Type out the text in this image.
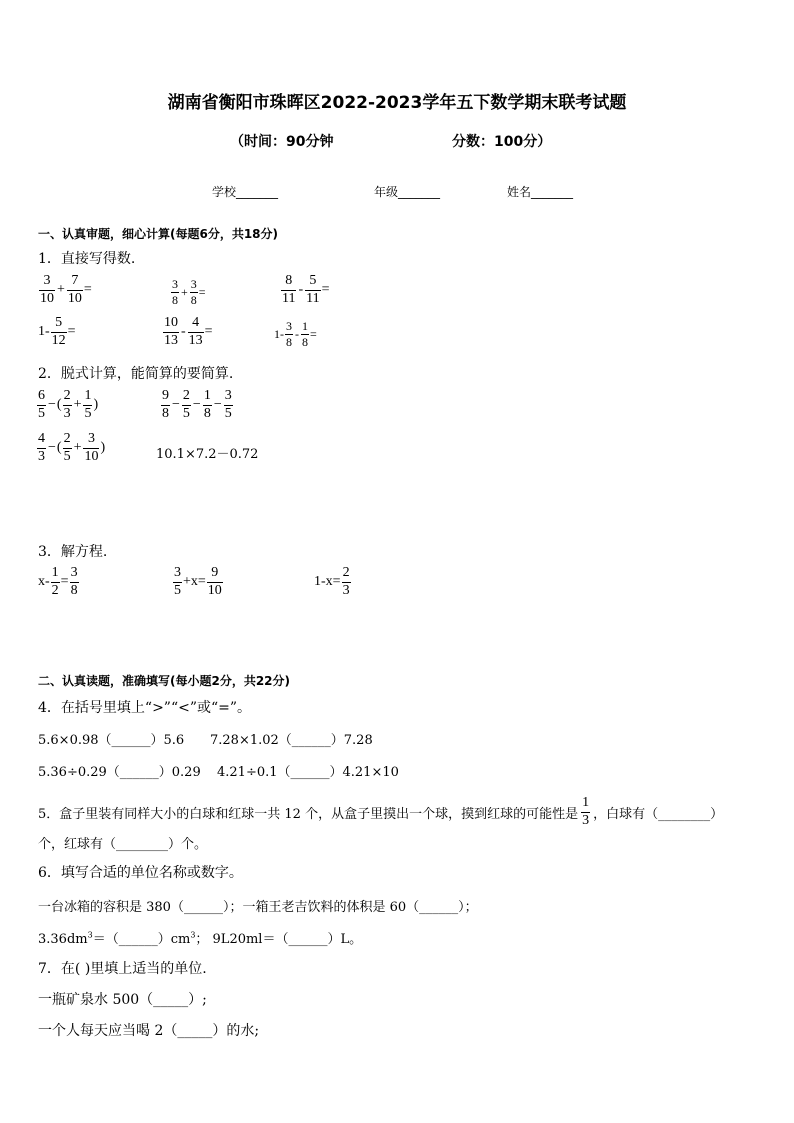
湖南省衡阳市珠晖区2022-2023学年五下数学期末联考试题
（时间：90分钟	分数：100分）
学校_______	年级_______	姓名_______
一、认真审题，细心计算(每题6分，共18分)
1．直接写得数.
$\frac{3}{10} + \frac{7}{10}$ =	$\frac{3}{8} + \frac{3}{8}$ =	$\frac{8}{11} - \frac{5}{11}$ =
$1- \frac{5}{12}$ =	$\frac{10}{13} - \frac{4}{13}$ =	$1- \frac{3}{8} - \frac{1}{8}$ =
2．脱式计算，能简算的要简算.
$\frac{6}{5}$ − ( $\frac{2}{3} + \frac{1}{5}$ )	$\frac{9}{8} - \frac{2}{5} - \frac{1}{8} - \frac{3}{5}$
$\frac{4}{3}$ − ( $\frac{2}{5} + \frac{3}{10}$ )	10.1×7.2－0.72
3．解方程.
$x- \frac{1}{2} = \frac{3}{8}$	$\frac{3}{5} +x= \frac{9}{10}$	$1-x= \frac{2}{3}$
二、认真读题，准确填写(每小题2分，共22分)
4．在括号里填上“>”“<”或“=”。
5.6×0.98（______）5.6 7.28×1.02（______）7.28
5.36÷0.29（______）0.29 4.21÷0.1（______）4.21×10
5．盒子里装有同样大小的白球和红球一共 12 个，从盒子里摸出一个球，摸到红球的可能性是 $\frac{1}{3}$ ，白球有（________）
个，红球有（________）个。
6．填写合适的单位名称或数字。
一台冰箱的容积是 380（______）；一箱王老吉饮料的体积是 60（______）；
$3.36dm^3=(\_\_\_\_\_\_)cm^3$； 9L20ml＝（______）L。
7．在( )里填上适当的单位.
一瓶矿泉水 500（_____）;
一个人每天应当喝 2（_____）的水;
